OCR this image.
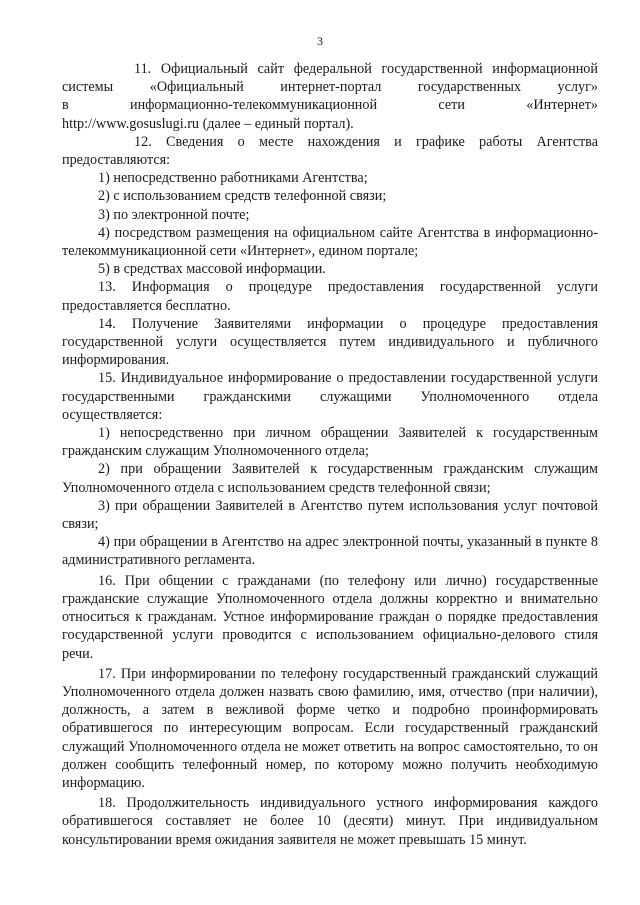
3

11. Официальный сайт федеральной государственной информационной
системы «Официальный интернет-портал государственных услуг»
в информационно-телекоммуникационной сети «Интернет»
http://www.gosuslugi.ru (далее – единый портал).

12. Сведения о месте нахождения и графике работы Агентства
предоставляются:

1) непосредственно работниками Агентства;

2) с использованием средств телефонной связи;

3) по электронной почте;

4) посредством размещения на официальном сайте Агентства в информационно-телекоммуникационной сети «Интернет», едином портале;

5) в средствах массовой информации.

13. Информация о процедуре предоставления государственной услуги предоставляется бесплатно.

14. Получение Заявителями информации о процедуре предоставления государственной услуги осуществляется путем индивидуального и публичного информирования.

15. Индивидуальное информирование о предоставлении государственной услуги государственными гражданскими служащими Уполномоченного отдела осуществляется:

1) непосредственно при личном обращении Заявителей к государственным гражданским служащим Уполномоченного отдела;

2) при обращении Заявителей к государственным гражданским служащим Уполномоченного отдела с использованием средств телефонной связи;

3) при обращении Заявителей в Агентство путем использования услуг почтовой связи;

4) при обращении в Агентство на адрес электронной почты, указанный в пункте 8 административного регламента.

16. При общении с гражданами (по телефону или лично) государственные гражданские служащие Уполномоченного отдела должны корректно и внимательно относиться к гражданам. Устное информирование граждан о порядке предоставления государственной услуги проводится с использованием официально-делового стиля речи.

17. При информировании по телефону государственный гражданский служащий Уполномоченного отдела должен назвать свою фамилию, имя, отчество (при наличии), должность, а затем в вежливой форме четко и подробно проинформировать обратившегося по интересующим вопросам. Если государственный гражданский служащий Уполномоченного отдела не может ответить на вопрос самостоятельно, то он должен сообщить телефонный номер, по которому можно получить необходимую информацию.

18. Продолжительность индивидуального устного информирования каждого обратившегося составляет не более 10 (десяти) минут. При индивидуальном консультировании время ожидания заявителя не может превышать 15 минут.
